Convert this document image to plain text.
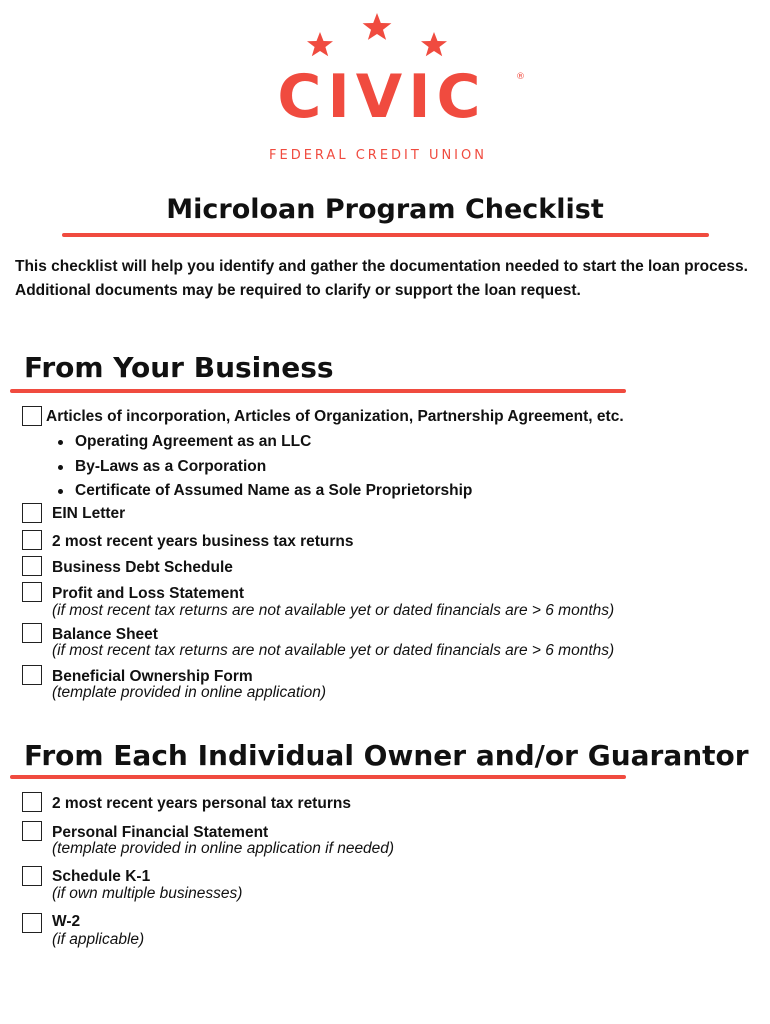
CIVIC	®
FEDERAL CREDIT UNION
Microloan Program Checklist
This checklist will help you identify and gather the documentation needed to start the loan process. Additional documents may be required to clarify or support the loan request.
From Your Business
Articles of incorporation, Articles of Organization, Partnership Agreement, etc.
Operating Agreement as an LLC
By-Laws as a Corporation
Certificate of Assumed Name as a Sole Proprietorship
EIN Letter
2 most recent years business tax returns
Business Debt Schedule
Profit and Loss Statement
(if most recent tax returns are not available yet or dated financials are > 6 months)
Balance Sheet
(if most recent tax returns are not available yet or dated financials are > 6 months)
Beneficial Ownership Form
(template provided in online application)
From Each Individual Owner and/or Guarantor
2 most recent years personal tax returns
Personal Financial Statement
(template provided in online application if needed)
Schedule K-1
(if own multiple businesses)
W-2
(if applicable)
